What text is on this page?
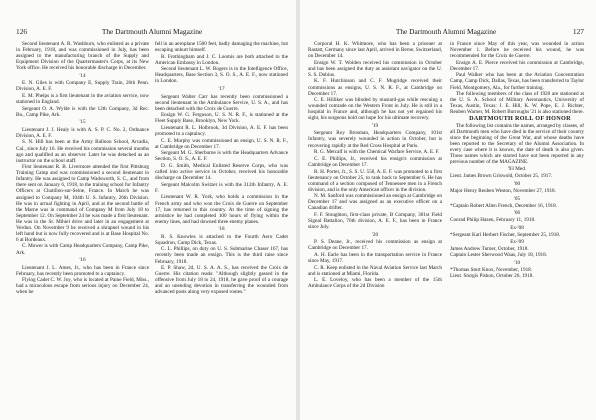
126	The Dartmouth Alumni Magazine

Second lieutenant A. R. Washburn, who enlisted as a private in February, 1918, and was commissioned in July, has been assigned to the manufacturing branch of the Supply and Equipment Division of the Quartermaster's Corps, at its New York office. He received his honorable discharge in December.

'14

E. N. Giles is with Company E, Supply Train, 26th Penn. Division, A. E. F.

E. M. Phelps is a first lieutenant in the aviation service, now stationed in England.

Sergeant O. A. Wylde is with the 12th Company, 3d Rec. Bn., Camp Pike, Ark.

'15

Lieutenant J. J. Healy is with A. S. P. C. No. 2, Ordnance Division, A. E. F.

S. N. Hill has been at the Army Balloon School, Arcadia, Cal., since July 16. He received his commission several months ago and qualified as an observer. Later he was detached as an instructor on the school staff.

First lieutenant R. B. Livermore attended the first Pittsburg Training Camp and was commissioned a second lieutenant in Infantry. He was assigned to Camp Wadsworth, S. C., and from there sent on January 6, 1918, to the training school for Infantry Officers at Chatillon-sur-Seine, France. In March he was assigned to Company M, 104th U. S. Infantry, 26th Division. He was in actual fighting in April, and at the second battle of the Marne was in command of Company M from July 18 to September 12. On September 24 he was made a first lieutenant. He was in the St. Mihiel drive and later in an engagement at Verdun. On November 9 he received a shrapnel wound in his left hand but is now fully recovered and is at Base Hospital No. 6 at Bordeaux.

C. Mower is with Camp Headquarters Company, Camp Pike, Ark.

'16

Lieutenant J. L. Ames, Jr., who has been in France since February, has recently been promoted to a captaincy.

Flying Cadet C. W. Joy, who is located at Paine Field, Miss., had a miraculous escape from serious injury on December 24, when he

fell in an aeroplane 1500 feet, badly damaging the machine, but escaping unhurt himself.

R. Frothingham and J. C. Loomis are both attached to the American Embassy in London.

Second lieutenant L. W. Rogers is in the Intelligence Office, Headquarters, Base Section 3, S. O. S., A. E. F., now stationed in London.

'17

Sergeant Walter Carr has recently been commissioned a second lieutenant in the Ambulance Service, U. S. A., and has been detached with the Croix de Guerre.

Ensign W. G. Ferguson, U. S. N. R. F., is stationed at the Fleet Supply Base, Brooklyn, New York.

Lieutenant R. L. Holbrook, 3d Division, A. E. F. has been promoted to a captaincy.

C. E. Murphy was commissioned an ensign, U. S. N. R. F., at Cambridge on December 17.

Sergeant M. G. Sherburne is with the Headquarters Advance Section, S. O. S., A. E. F.

D. G. Smith, Medical Enlisted Reserve Corps, who was called into active service in October, received his honorable discharge on December 14.

Sergeant Malcolm Switzer is with the 312th Infantry, A. E. F.

Lieutenant W. R. York, who holds a commission in the French army and who won the Croix de Guerre on September 17, has returned to this country. At the time of signing the armistice he had completed 100 hours of flying within the enemy lines, and had downed three enemy planes.

'18

R. S. Knowles is attached to the Fourth Aero Cadet Squadron, Camp Dick, Texas.

C. L. Phillips, on duty on U. S. Submarine Chaser 167, has recently been made an ensign. This is the third raise since February, 1918.

E. P. Shaw, 2d, U. S. A. A. S., has received the Croix de Guerre. His citation reads: "Although slightly gassed in the offensive from July 18 to 24, 1918, he gave proof of a courage and an unending devotion in transferring the wounded from advanced posts along very exposed routes."

The Dartmouth Alumni Magazine	127

Corporal H. K. Whitmore, who has been a prisoner at Rastatt, Germany since last April, arrived in Berne, Switzerland, on December 14.

Ensign W. T. Wolden received his commission in October and has been assigned the duty as assistant navigator on the U. S. S. Dubius.

K. F. Hutchinson and C. F. Mugridge received their commissions as ensigns, U. S. N. R. F., at Cambridge on December 17.

C. E. Hilliker was blinded by mustard-gas while rescuing a wounded comrade on the Western Front in July. He is still in a hospital in France and, although he has not yet regained his sight, his surgeons hold out hope for his ultimate recovery.

'19

Sergeant Roy Brosman, Headquarters Company, 101st Infantry, was severely wounded in action in October, but is recovering rapidly at the Red Cross Hospital at Paris.

R. G. Metcalf is with the Chemical Warfare Service, A. E. F.

C. E. Phillips, Jr., received his ensign's commission at Cambridge on December 17.

R. H. Porter, Jr., S. S. U. 558, A. E. F. was promoted to a first lieutenancy on October 25, to rank back to September 6. He has command of a section composed of Tennessee men in a French division, and is the only American officer in the division.

N. M. Sanford was commissioned an ensign at Cambridge on December 17 and was assigned as an executive officer on a Canadian drifter.

F. F. Stoughton, first-class private, B Company, 301st Field Signal Battalion, 76th division, A. E. F., has been in France since July.

'20

P. S. Deane, Jr., received his commission as ensign at Cambridge on December 17.

A. H. Earle has been in the transportation service in France since May, 1917.

C. R. Keep enlisted in the Naval Aviation Service last March and is stationed at Miami, Florida.

L. E. Loveloy, who has been a member of the 15th Ambulance Corps of the 2d Division

in France since May of this year, was wounded in action November 1. Before he received his wound, he was recommended for the Croix de Guerre.

Ensign A. E. Pierce received his commission at Cambridge, December 17.

Paul Walker who has been at the Aviation Concentration Camp, Camp Dick, Dallas, Texas, has been transferred to Taylor Field, Montgomery, Ala., for further training.

The following members of the class of 1920 are stationed at the U. S. A. School of Military Aeronautics, University of Texas, Austin, Texas: J. E. Hill, K. W. Pope, E. J. Richter, Reuben Warner, M. Robert Burroughs '21 is also stationed there.

DARTMOUTH ROLL OF HONOR

The following list contains the names, arranged by classes, of all Dartmouth men who have died in the service of their country since the beginning of the Great War, and whose deaths have been reported to the Secretary of the Alumni Association. In every case where it is known, the date of death is also given. Those names which are starred have not been reported in any previous number of the MAGAZINE.

'93 Med.

Lieut. James Brown Griswold, October 25, 1917.

'00

Major Henry Reuben Weston, November 27, 1918.

'05

*Captain Robert Allen French, December 16, 1918.

'06

Conrad Philip Hazen, February 11, 1918.

Ex-'08

*Sergeant Karl Herbert Fischer, September 25, 1918.

Ex-'09

James Andrew Turner, October, 1918.

Captain Lester Sherwood Waas, July 18, 1918.

'10

*Thomas Sturt Knox, November, 1918.

Lieut. Sturgis Pishon, October 26, 1918.
